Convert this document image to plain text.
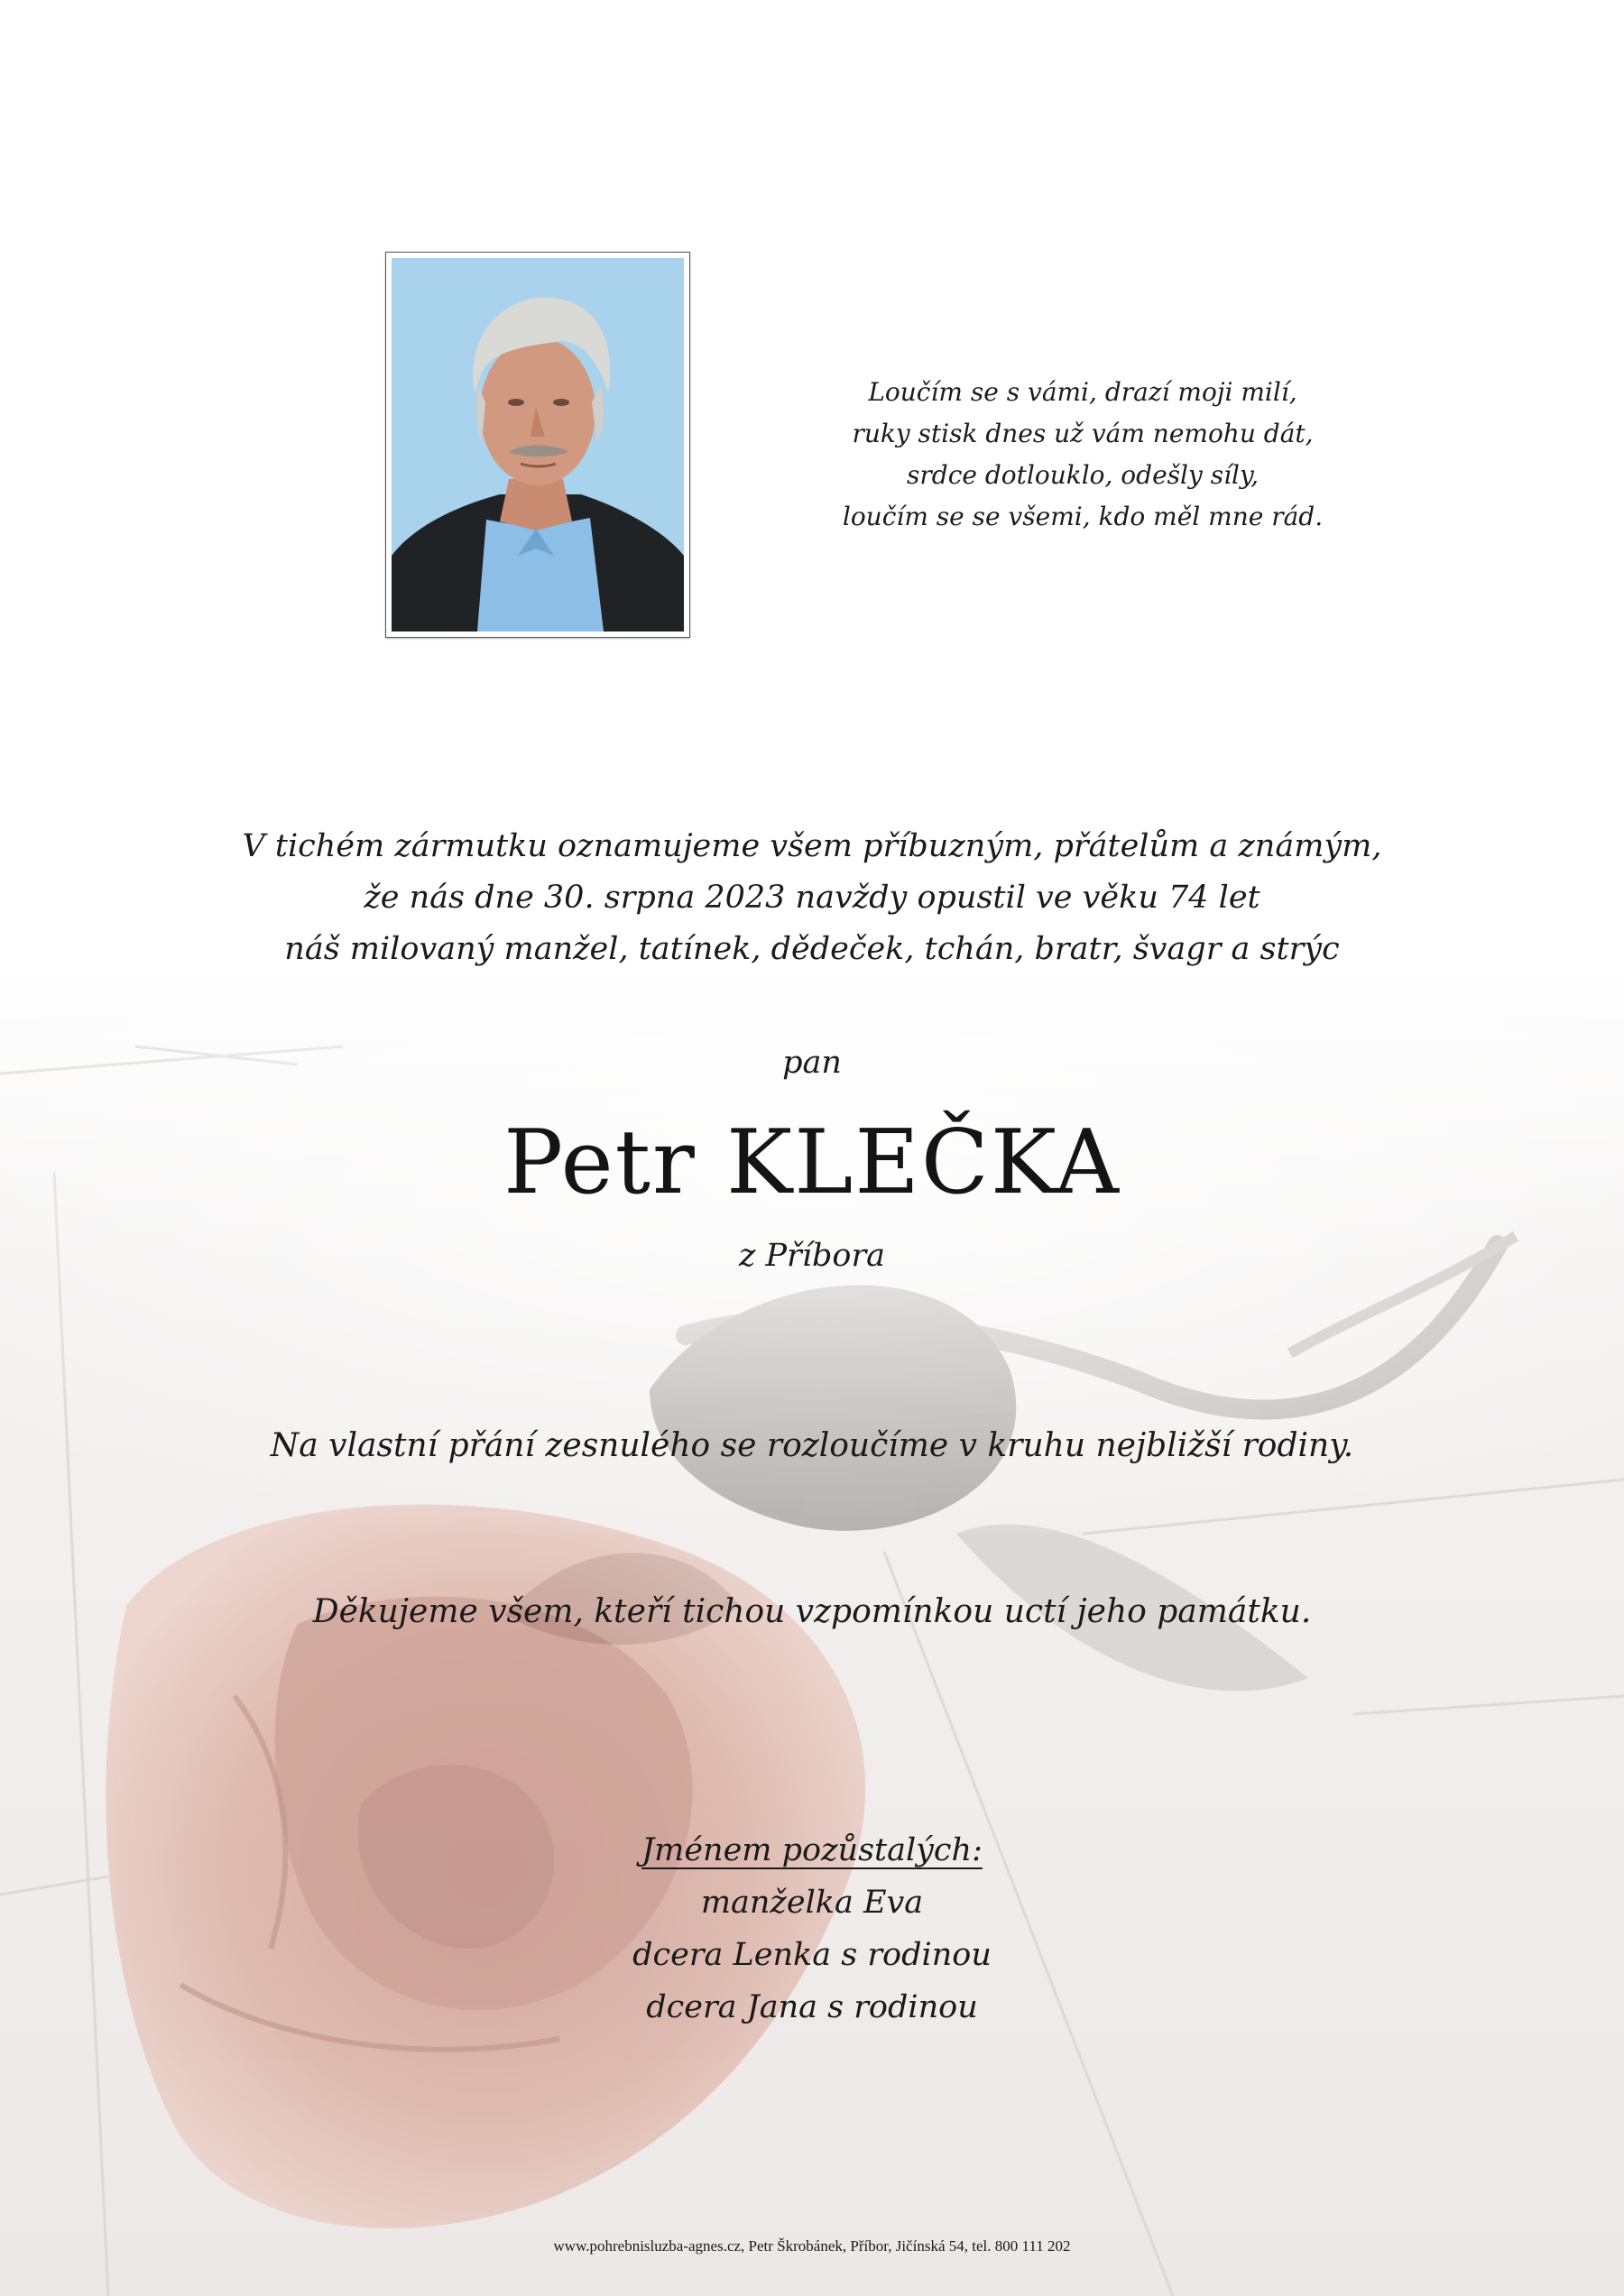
Loučím se s vámi, drazí moji milí,
ruky stisk dnes už vám nemohu dát,
srdce dotlouklo, odešly síly,
loučím se se všemi, kdo měl mne rád.
V tichém zármutku oznamujeme všem příbuzným, přátelům a známým,
že nás dne 30. srpna 2023 navždy opustil ve věku 74 let
náš milovaný manžel, tatínek, dědeček, tchán, bratr, švagr a strýc
pan
Petr KLEČKA
z Příbora
Na vlastní přání zesnulého se rozloučíme v kruhu nejbližší rodiny.
Děkujeme všem, kteří tichou vzpomínkou uctí jeho památku.
Jménem pozůstalých:
manželka Eva
dcera Lenka s rodinou
dcera Jana s rodinou
www.pohrebnisluzba-agnes.cz, Petr Škrobánek, Příbor, Jičínská 54, tel. 800 111 202
